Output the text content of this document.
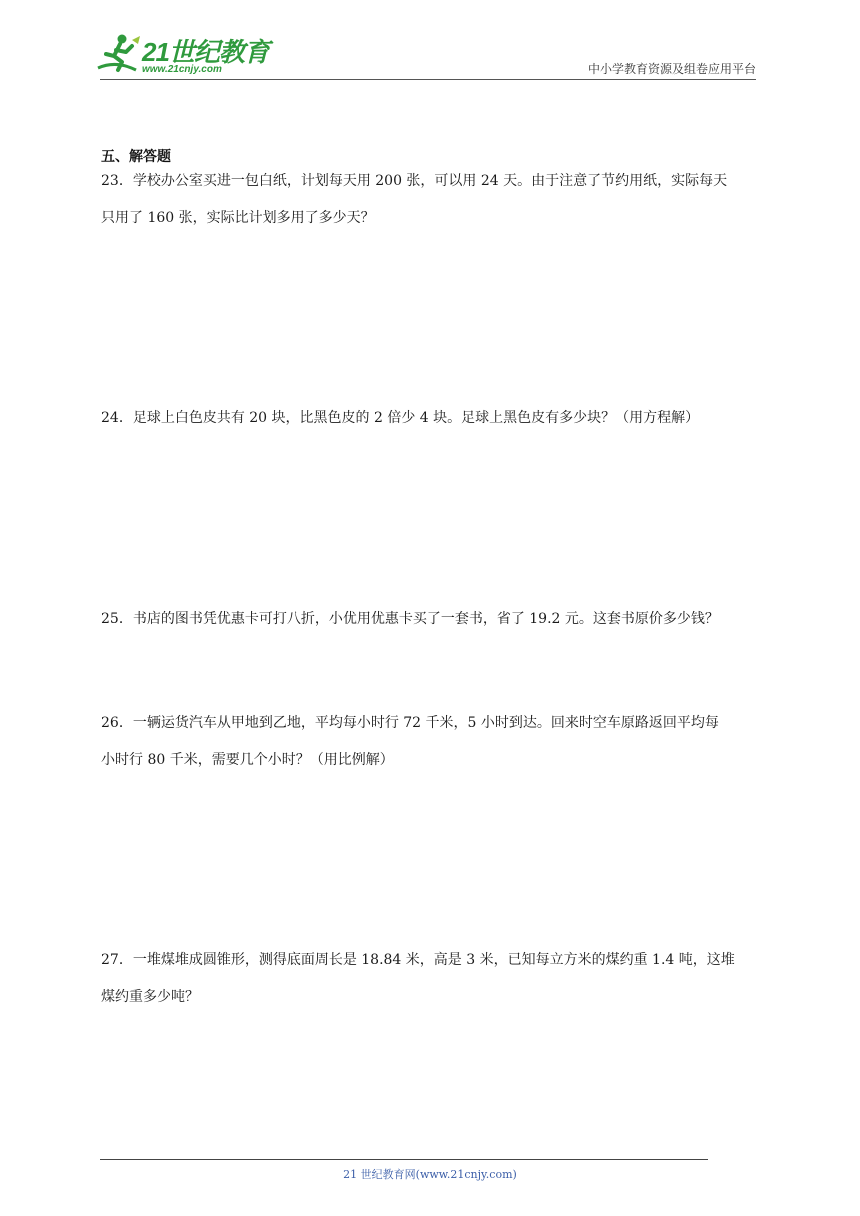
21世纪教育
www.21cnjy.com	中小学教育资源及组卷应用平台
五、解答题

23．学校办公室买进一包白纸，计划每天用 200 张，可以用 24 天。由于注意了节约用纸，实际每天

只用了 160 张，实际比计划多用了多少天？

24．足球上白色皮共有 20 块，比黑色皮的 2 倍少 4 块。足球上黑色皮有多少块？（用方程解）

25．书店的图书凭优惠卡可打八折，小优用优惠卡买了一套书，省了 19.2 元。这套书原价多少钱？

26．一辆运货汽车从甲地到乙地，平均每小时行 72 千米，5 小时到达。回来时空车原路返回平均每

小时行 80 千米，需要几个小时？（用比例解）

27．一堆煤堆成圆锥形，测得底面周长是 18.84 米，高是 3 米，已知每立方米的煤约重 1.4 吨，这堆

煤约重多少吨？

21 世纪教育网(www.21cnjy.com)
